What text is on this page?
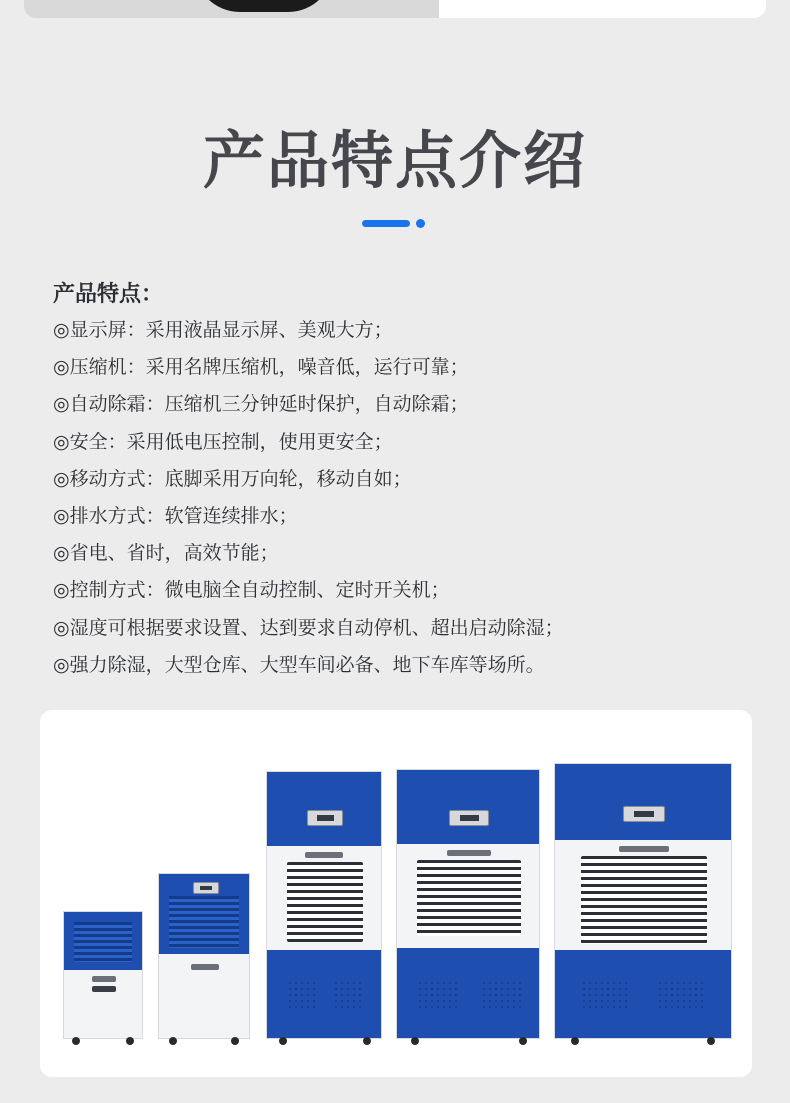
产品特点介绍
产品特点：
◎显示屏：采用液晶显示屏、美观大方；
◎压缩机：采用名牌压缩机，噪音低，运行可靠；
◎自动除霜：压缩机三分钟延时保护，自动除霜；
◎安全：采用低电压控制，使用更安全；
◎移动方式：底脚采用万向轮，移动自如；
◎排水方式：软管连续排水；
◎省电、省时，高效节能；
◎控制方式：微电脑全自动控制、定时开关机；
◎湿度可根据要求设置、达到要求自动停机、超出启动除湿；
◎强力除湿，大型仓库、大型车间必备、地下车库等场所。
